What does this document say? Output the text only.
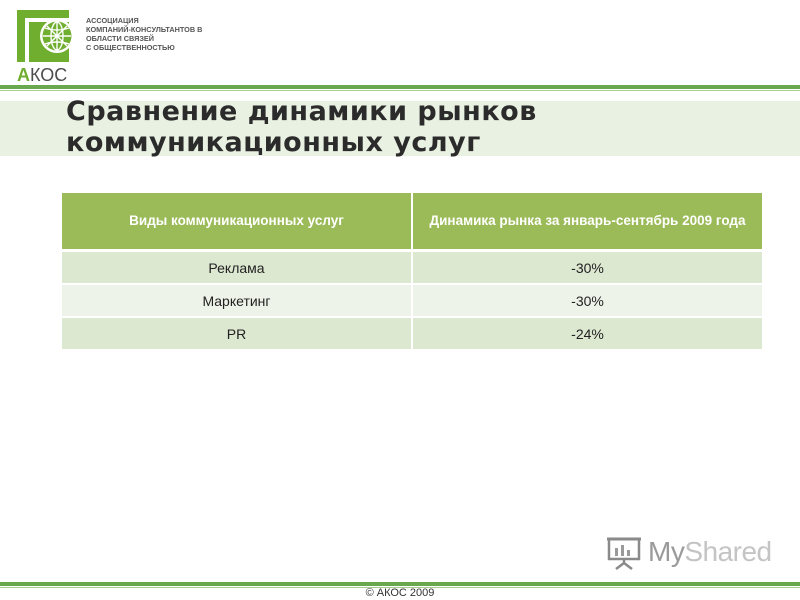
АКОС
АССОЦИАЦИЯ
КОМПАНИЙ-КОНСУЛЬТАНТОВ В
ОБЛАСТИ СВЯЗЕЙ
С ОБЩЕСТВЕННОСТЬЮ
Сравнение динамики рынков
коммуникационных услуг
Виды коммуникационных услуг	Динамика рынка за январь-сентябрь 2009 года
Реклама	-30%
Маркетинг	-30%
PR	-24%
MyShared
© АКОС 2009
